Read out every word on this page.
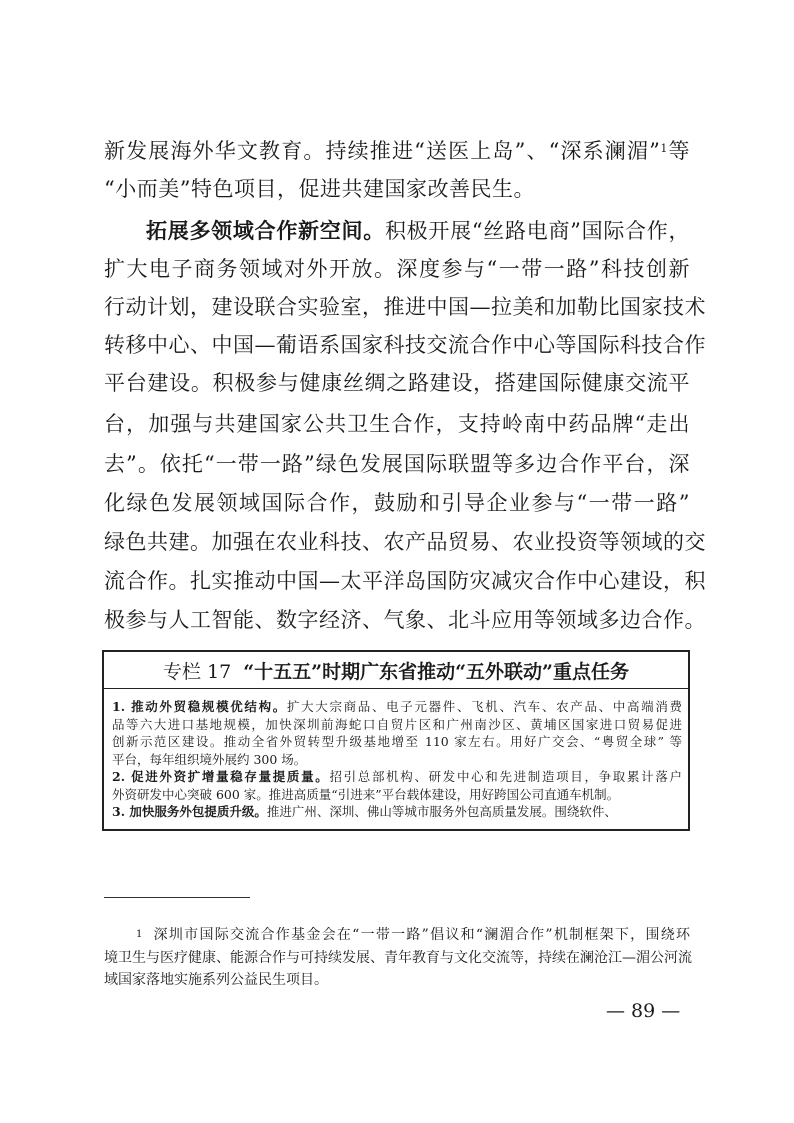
新发展海外华文教育。持续推进“送医上岛”、“深系澜湄”$^1$等

“小而美”特色项目，促进共建国家改善民生。

拓展多领域合作新空间。积极开展“丝路电商”国际合作，

扩大电子商务领域对外开放。深度参与“一带一路”科技创新

行动计划，建设联合实验室，推进中国—拉美和加勒比国家技术

转移中心、中国—葡语系国家科技交流合作中心等国际科技合作

平台建设。积极参与健康丝绸之路建设，搭建国际健康交流平

台，加强与共建国家公共卫生合作，支持岭南中药品牌“走出

去”。依托“一带一路”绿色发展国际联盟等多边合作平台，深

化绿色发展领域国际合作，鼓励和引导企业参与“一带一路”

绿色共建。加强在农业科技、农产品贸易、农业投资等领域的交

流合作。扎实推动中国—太平洋岛国防灾减灾合作中心建设，积

极参与人工智能、数字经济、气象、北斗应用等领域多边合作。

专栏 17 “十五五”时期广东省推动“五外联动”重点任务

1. 推动外贸稳规模优结构。扩大大宗商品、电子元器件、飞机、汽车、农产品、中高端消费

品等六大进口基地规模，加快深圳前海蛇口自贸片区和广州南沙区、黄埔区国家进口贸易促进

创新示范区建设。推动全省外贸转型升级基地增至 110 家左右。用好广交会、“粤贸全球” 等

平台，每年组织境外展约 300 场。

2. 促进外资扩增量稳存量提质量。招引总部机构、研发中心和先进制造项目，争取累计落户

外资研发中心突破 600 家。推进高质量“引进来”平台载体建设，用好跨国公司直通车机制。

3. 加快服务外包提质升级。推进广州、深圳、佛山等城市服务外包高质量发展。围绕软件、

$^1$ 深圳市国际交流合作基金会在“一带一路”倡议和“澜湄合作”机制框架下，围绕环

境卫生与医疗健康、能源合作与可持续发展、青年教育与文化交流等，持续在澜沧江—湄公河流

域国家落地实施系列公益民生项目。

— 89 —
